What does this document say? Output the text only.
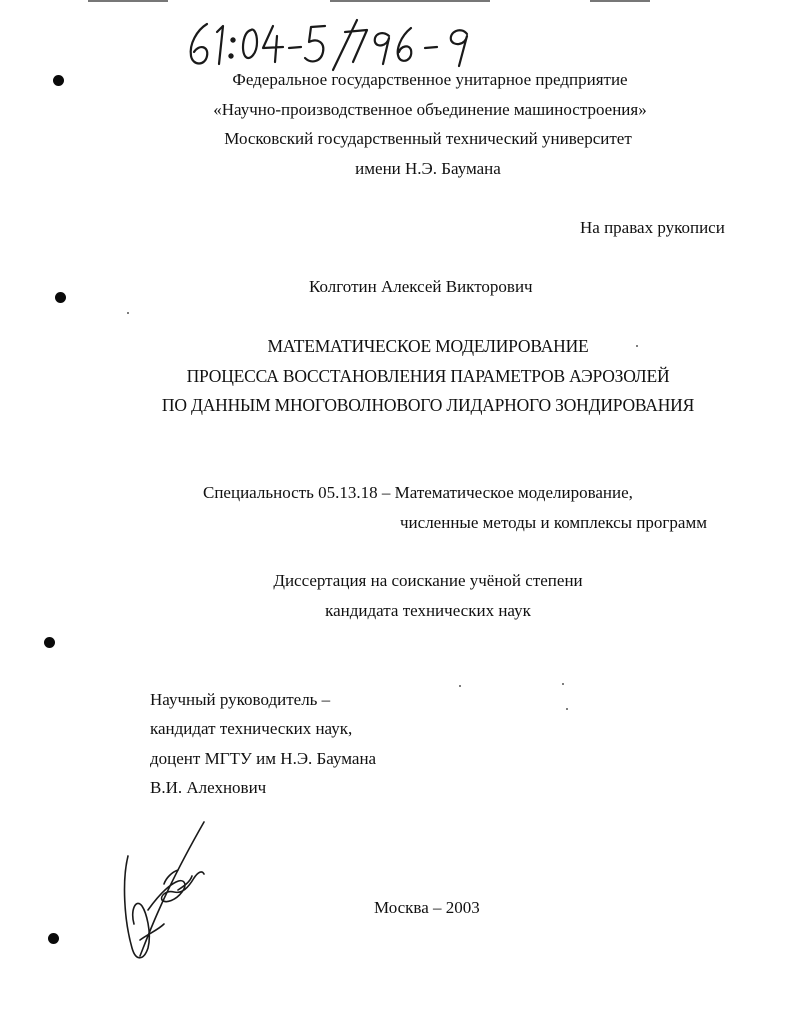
Федеральное государственное унитарное предприятие
«Научно-производственное объединение машиностроения»
Московский государственный технический университет
имени Н.Э. Баумана
На правах рукописи
Колготин Алексей Викторович
МАТЕМАТИЧЕСКОЕ МОДЕЛИРОВАНИЕ
ПРОЦЕССА ВОССТАНОВЛЕНИЯ ПАРАМЕТРОВ АЭРОЗОЛЕЙ
ПО ДАННЫМ МНОГОВОЛНОВОГО ЛИДАРНОГО ЗОНДИРОВАНИЯ
Специальность 05.13.18 – Математическое моделирование,
численные методы и комплексы программ
Диссертация на соискание учёной степени
кандидата технических наук
Научный руководитель –
кандидат технических наук,
доцент МГТУ им Н.Э. Баумана
В.И. Алехнович
Москва – 2003
